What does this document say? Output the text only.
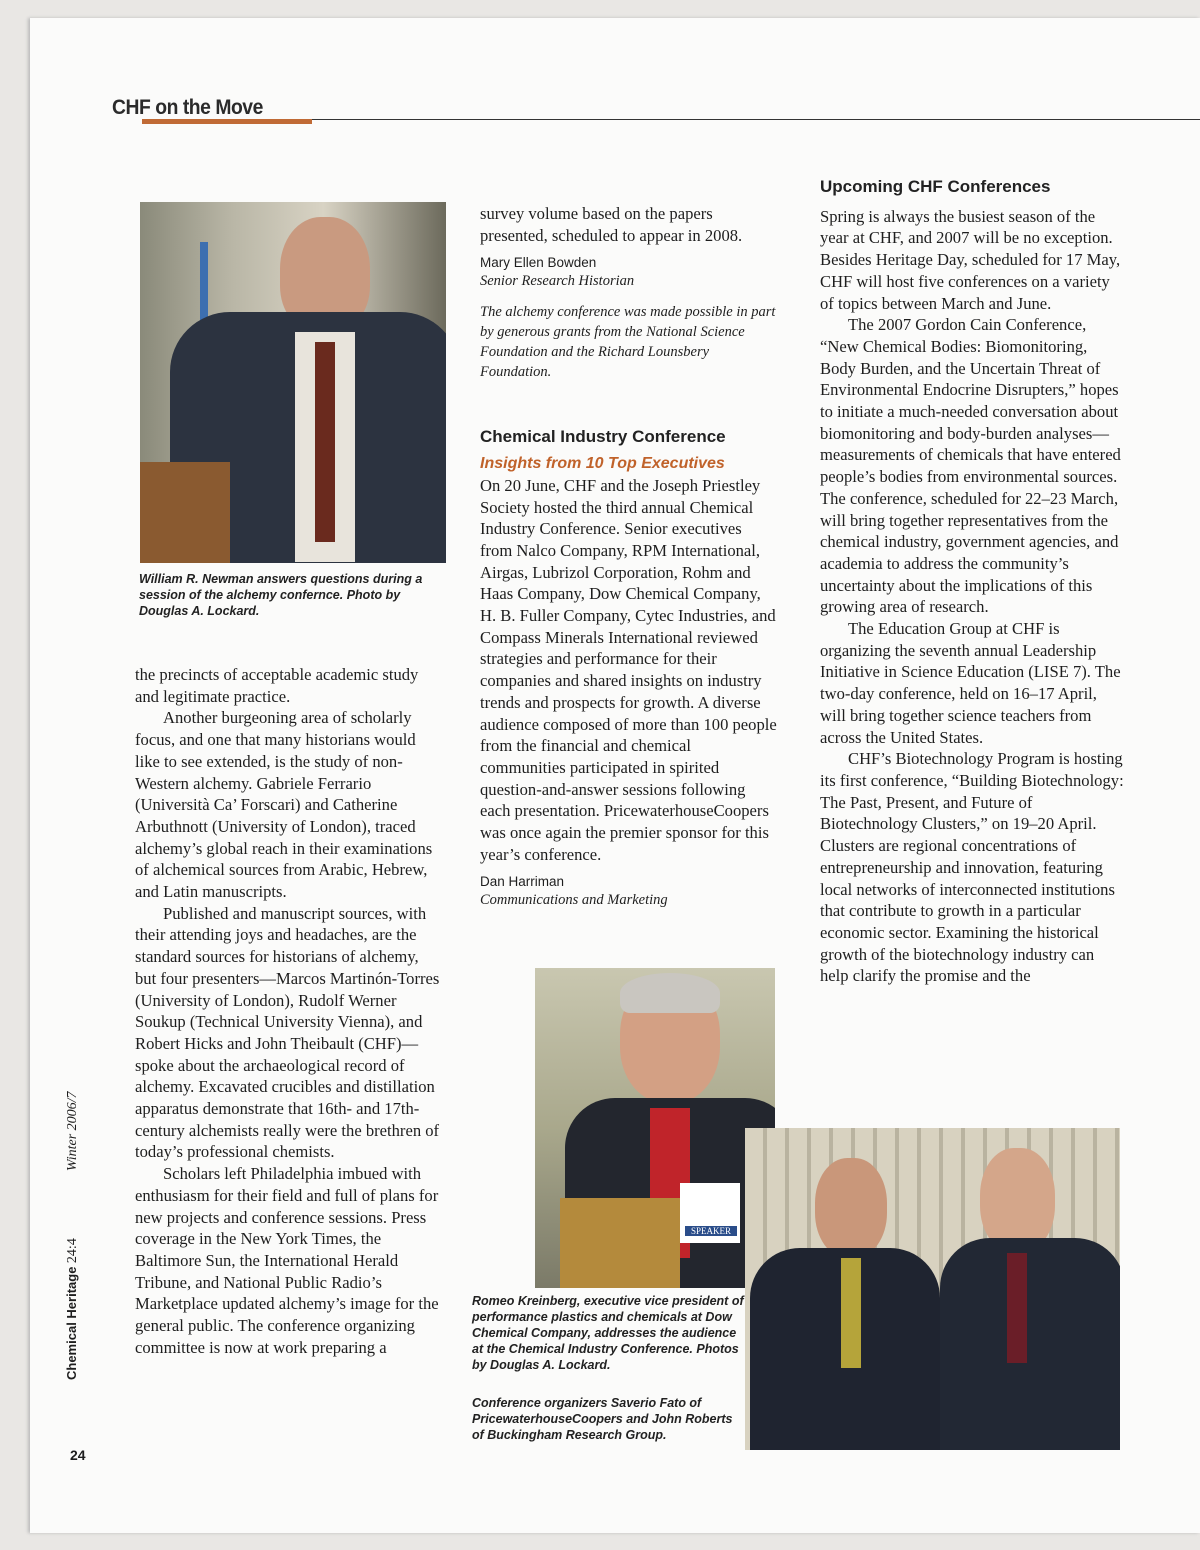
CHF on the Move
William R. Newman answers questions during a session of the alchemy confernce. Photo by Douglas A. Lockard.

the precincts of acceptable academic study and legitimate practice.

Another burgeoning area of scholarly focus, and one that many historians would like to see extended, is the study of non-Western alchemy. Gabriele Ferrario (Università Ca’ Forscari) and Catherine Arbuthnott (University of London), traced alchemy’s global reach in their examinations of alchemical sources from Arabic, Hebrew, and Latin manuscripts.

Published and manuscript sources, with their attending joys and headaches, are the standard sources for historians of alchemy, but four presenters—Marcos Martinón-Torres (University of London), Rudolf Werner Soukup (Technical University Vienna), and Robert Hicks and John Theibault (CHF)—spoke about the archaeological record of alchemy. Excavated crucibles and distillation apparatus demonstrate that 16th- and 17th-century alchemists really were the brethren of today’s professional chemists.

Scholars left Philadelphia imbued with enthusiasm for their field and full of plans for new projects and conference sessions. Press coverage in the New York Times, the Baltimore Sun, the International Herald Tribune, and National Public Radio’s Marketplace updated alchemy’s image for the general public. The conference organizing committee is now at work preparing a

survey volume based on the papers presented, scheduled to appear in 2008.

Mary Ellen Bowden
Senior Research Historian
The alchemy conference was made possible in part by generous grants from the National Science Foundation and the Richard Lounsbery Foundation.
Chemical Industry Conference
Insights from 10 Top Executives

On 20 June, CHF and the Joseph Priestley Society hosted the third annual Chemical Industry Conference. Senior executives from Nalco Company, RPM International, Airgas, Lubrizol Corporation, Rohm and Haas Company, Dow Chemical Company, H. B. Fuller Company, Cytec Industries, and Compass Minerals International reviewed strategies and performance for their companies and shared insights on industry trends and prospects for growth. A diverse audience composed of more than 100 people from the financial and chemical communities participated in spirited question-and-answer sessions following each presentation. PricewaterhouseCoopers was once again the premier sponsor for this year’s conference.

Dan Harriman
Communications and Marketing
Upcoming CHF Conferences

Spring is always the busiest season of the year at CHF, and 2007 will be no exception. Besides Heritage Day, scheduled for 17 May, CHF will host five conferences on a variety of topics between March and June.

The 2007 Gordon Cain Conference, “New Chemical Bodies: Biomonitoring, Body Burden, and the Uncertain Threat of Environmental Endocrine Disrupters,” hopes to initiate a much-needed conversation about biomonitoring and body-burden analyses—measurements of chemicals that have entered people’s bodies from environmental sources. The conference, scheduled for 22–23 March, will bring together representatives from the chemical industry, government agencies, and academia to address the community’s uncertainty about the implications of this growing area of research.

The Education Group at CHF is organizing the seventh annual Leadership Initiative in Science Education (LISE 7). The two-day conference, held on 16–17 April, will bring together science teachers from across the United States.

CHF’s Biotechnology Program is hosting its first conference, “Building Biotechnology: The Past, Present, and Future of Biotechnology Clusters,” on 19–20 April. Clusters are regional concentrations of entrepreneurship and innovation, featuring local networks of interconnected institutions that contribute to growth in a particular economic sector. Examining the historical growth of the biotechnology industry can help clarify the promise and the

SPEAKER
Romeo Kreinberg, executive vice president of performance plastics and chemicals at Dow Chemical Company, addresses the audience at the Chemical Industry Conference. Photos by Douglas A. Lockard.
Conference organizers Saverio Fato of PricewaterhouseCoopers and John Roberts of Buckingham Research Group.
Chemical Heritage 24:4  Winter 2006/7
24
